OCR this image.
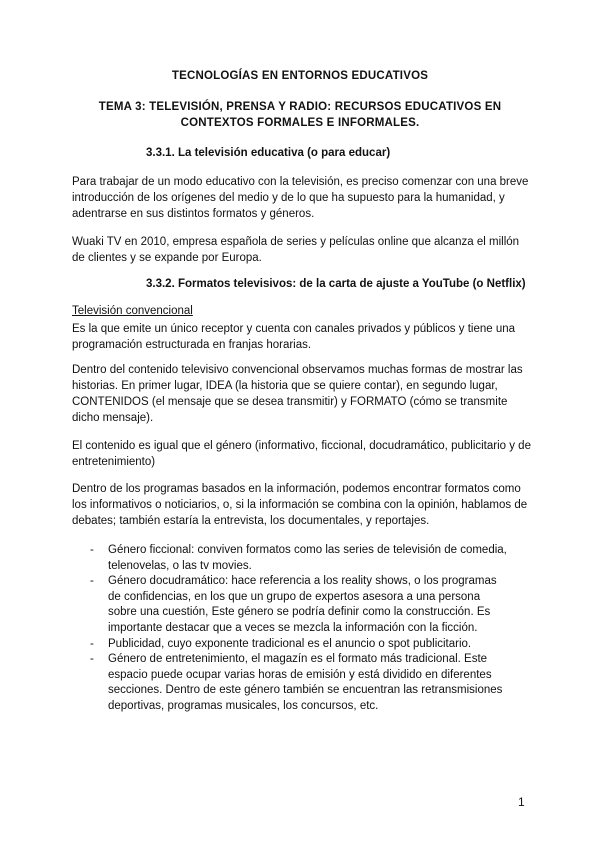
TECNOLOGÍAS EN ENTORNOS EDUCATIVOS
TEMA 3: TELEVISIÓN, PRENSA Y RADIO: RECURSOS EDUCATIVOS EN CONTEXTOS FORMALES E INFORMALES.
3.3.1. La televisión educativa (o para educar)

Para trabajar de un modo educativo con la televisión, es preciso comenzar con una breve introducción de los orígenes del medio y de lo que ha supuesto para la humanidad, y adentrarse en sus distintos formatos y géneros.

Wuaki TV en 2010, empresa española de series y películas online que alcanza el millón de clientes y se expande por Europa.

3.3.2. Formatos televisivos: de la carta de ajuste a YouTube (o Netflix)
Televisión convencional

Es la que emite un único receptor y cuenta con canales privados y públicos y tiene una programación estructurada en franjas horarias.

Dentro del contenido televisivo convencional observamos muchas formas de mostrar las historias. En primer lugar, IDEA (la historia que se quiere contar), en segundo lugar, CONTENIDOS (el mensaje que se desea transmitir) y FORMATO (cómo se transmite dicho mensaje).

El contenido es igual que el género (informativo, ficcional, docudramático, publicitario y de entretenimiento)

Dentro de los programas basados en la información, podemos encontrar formatos como los informativos o noticiarios, o, si la información se combina con la opinión, hablamos de debates; también estaría la entrevista, los documentales, y reportajes.

- Género ficcional: conviven formatos como las series de televisión de comedia, telenovelas, o las tv movies.
- Género docudramático: hace referencia a los reality shows, o los programas de confidencias, en los que un grupo de expertos asesora a una persona sobre una cuestión, Este género se podría definir como la construcción. Es importante destacar que a veces se mezcla la información con la ficción.
- Publicidad, cuyo exponente tradicional es el anuncio o spot publicitario.
- Género de entretenimiento, el magazín es el formato más tradicional. Este espacio puede ocupar varias horas de emisión y está dividido en diferentes secciones. Dentro de este género también se encuentran las retransmisiones deportivas, programas musicales, los concursos, etc.
1
